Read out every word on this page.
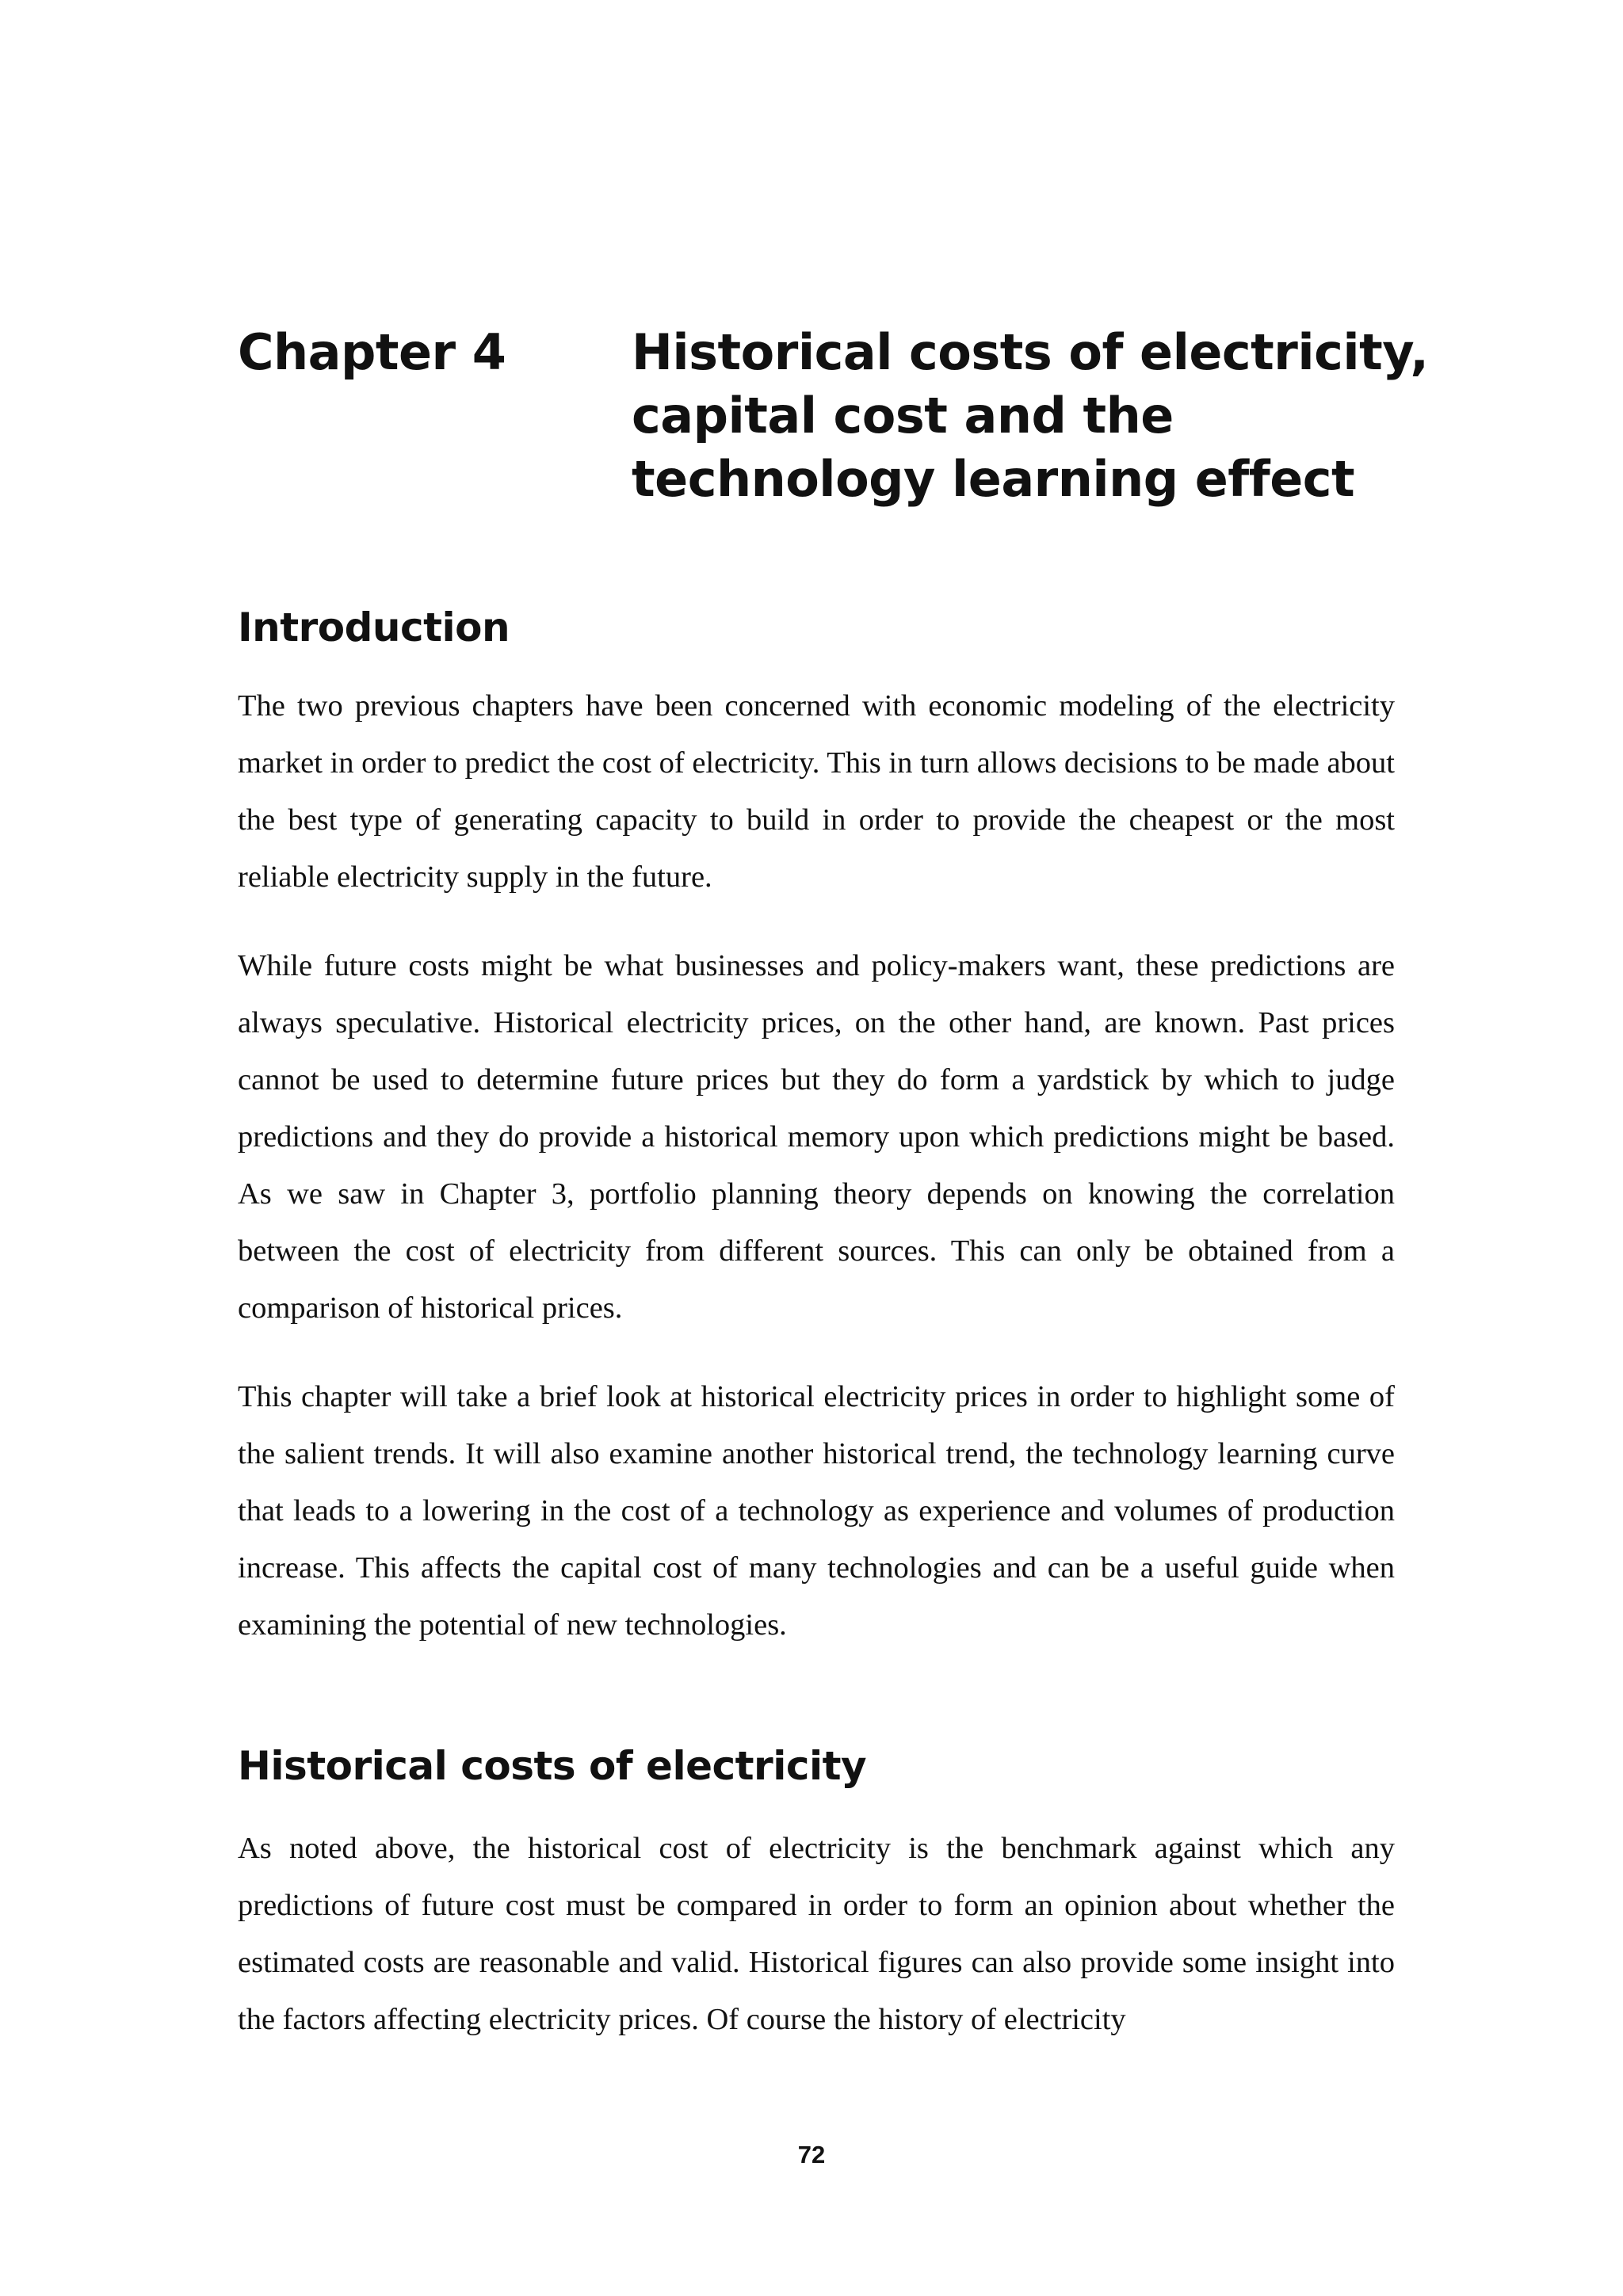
Chapter 4	Historical costs of electricity,
capital cost and the
technology learning effect
Introduction

The two previous chapters have been concerned with economic modeling of the electricity market in order to predict the cost of electricity. This in turn allows decisions to be made about the best type of generating capacity to build in order to provide the cheapest or the most reliable electricity supply in the future.

While future costs might be what businesses and policy-makers want, these predictions are always speculative. Historical electricity prices, on the other hand, are known. Past prices cannot be used to determine future prices but they do form a yardstick by which to judge predictions and they do provide a historical memory upon which predictions might be based. As we saw in Chapter 3, portfolio planning theory depends on knowing the correlation between the cost of electricity from different sources. This can only be obtained from a comparison of historical prices.

This chapter will take a brief look at historical electricity prices in order to highlight some of the salient trends. It will also examine another historical trend, the technology learning curve that leads to a lowering in the cost of a technology as experience and volumes of production increase. This affects the capital cost of many technologies and can be a useful guide when examining the potential of new technologies.

Historical costs of electricity

As noted above, the historical cost of electricity is the benchmark against which any predictions of future cost must be compared in order to form an opinion about whether the estimated costs are reasonable and valid. Historical figures can also provide some insight into the factors affecting electricity prices. Of course the history of electricity

72
